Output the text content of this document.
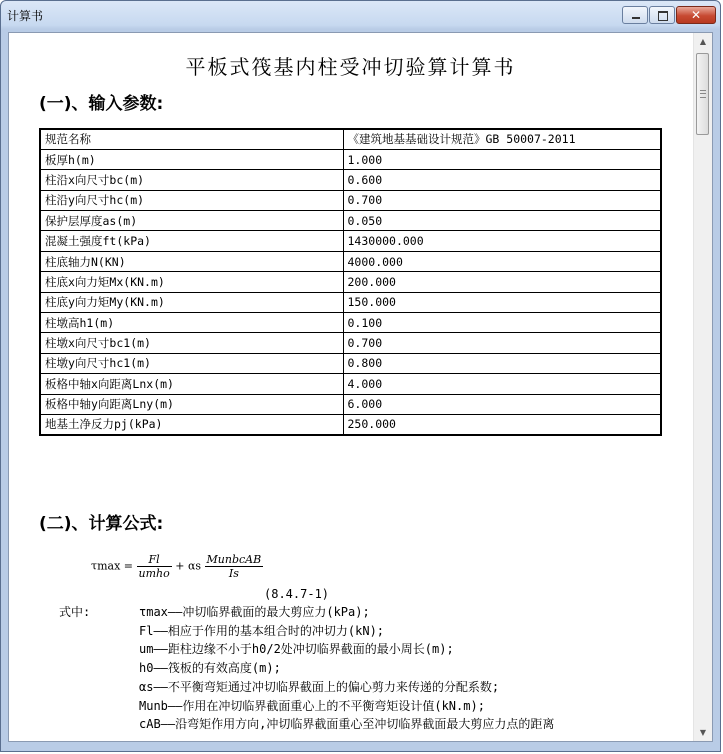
计算书	✕
平板式筏基内柱受冲切验算计算书
(一)、输入参数:
规范名称	《建筑地基基础设计规范》GB 50007-2011
板厚h(m)	1.000
柱沿x向尺寸bc(m)	0.600
柱沿y向尺寸hc(m)	0.700
保护层厚度as(m)	0.050
混凝土强度ft(kPa)	1430000.000
柱底轴力N(KN)	4000.000
柱底x向力矩Mx(KN.m)	200.000
柱底y向力矩My(KN.m)	150.000
柱墩高h1(m)	0.100
柱墩x向尺寸bc1(m)	0.700
柱墩y向尺寸hc1(m)	0.800
板格中轴x向距离Lnx(m)	4.000
板格中轴y向距离Lny(m)	6.000
地基土净反力pj(kPa)	250.000
(二)、计算公式:
$\tau\max = \frac{Fl}{\text{umho}} + \alpha s \frac{\text{MunbcAB}}{Is}$
(8.4.7-1)
式中:	τmax——冲切临界截面的最大剪应力(kPa);
Fl——相应于作用的基本组合时的冲切力(kN);
um——距柱边缘不小于h0/2处冲切临界截面的最小周长(m);
h0——筏板的有效高度(m);
αs——不平衡弯矩通过冲切临界截面上的偏心剪力来传递的分配系数;
Munb——作用在冲切临界截面重心上的不平衡弯矩设计值(kN.m);
cAB——沿弯矩作用方向,冲切临界截面重心至冲切临界截面最大剪应力点的距离
▲
▼
